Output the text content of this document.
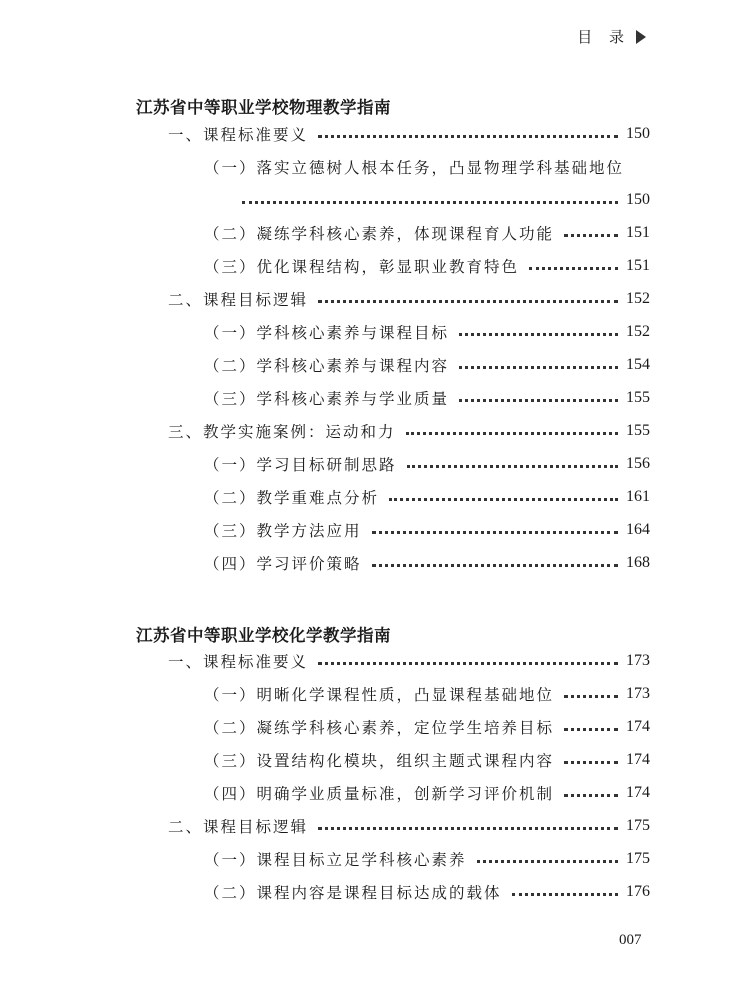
目 录
江苏省中等职业学校物理教学指南
一、课程标准要义	150
（一）落实立德树人根本任务，凸显物理学科基础地位
150
（二）凝练学科核心素养，体现课程育人功能	151
（三）优化课程结构，彰显职业教育特色	151
二、课程目标逻辑	152
（一）学科核心素养与课程目标	152
（二）学科核心素养与课程内容	154
（三）学科核心素养与学业质量	155
三、教学实施案例：运动和力	155
（一）学习目标研制思路	156
（二）教学重难点分析	161
（三）教学方法应用	164
（四）学习评价策略	168
江苏省中等职业学校化学教学指南
一、课程标准要义	173
（一）明晰化学课程性质，凸显课程基础地位	173
（二）凝练学科核心素养，定位学生培养目标	174
（三）设置结构化模块，组织主题式课程内容	174
（四）明确学业质量标准，创新学习评价机制	174
二、课程目标逻辑	175
（一）课程目标立足学科核心素养	175
（二）课程内容是课程目标达成的载体	176
007
